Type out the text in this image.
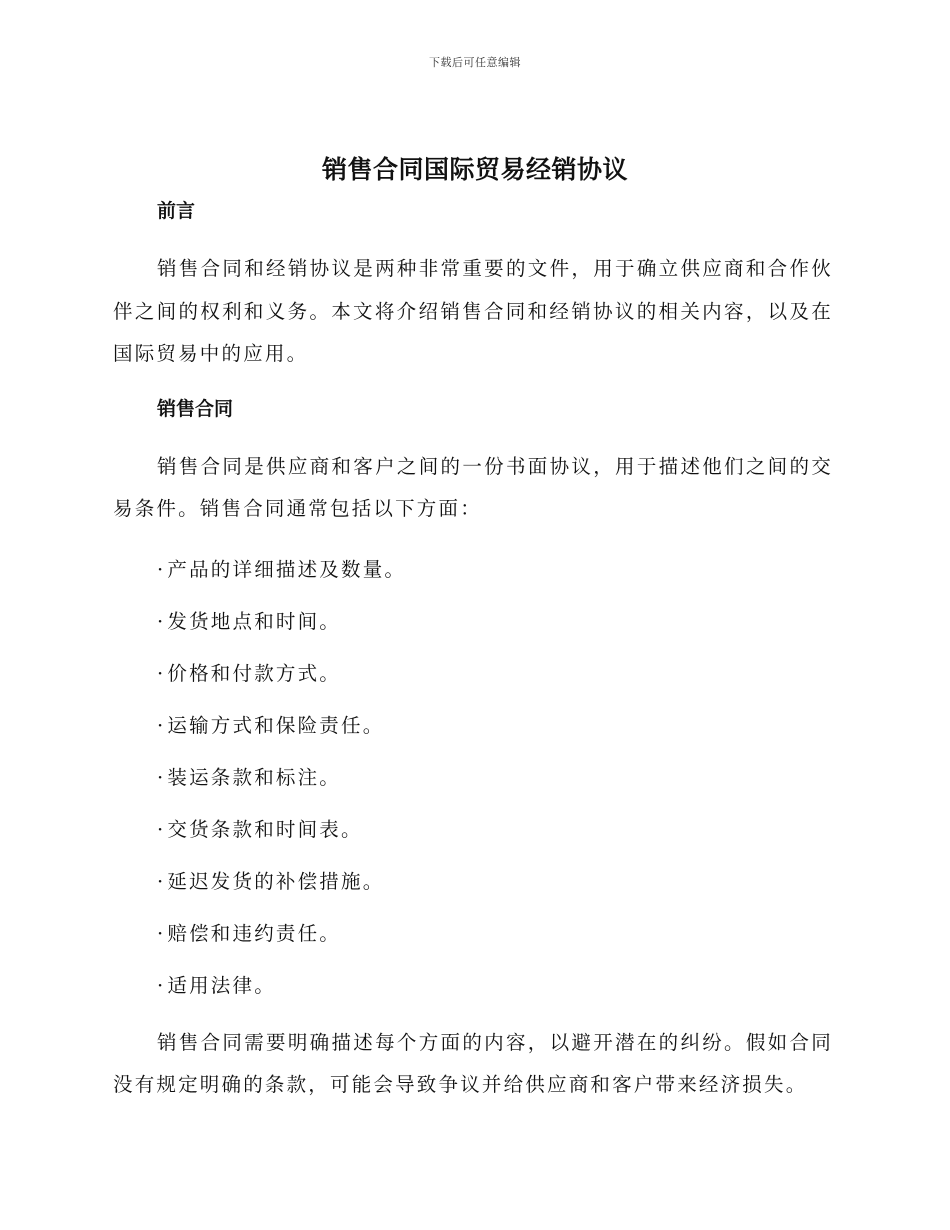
下载后可任意编辑
销售合同国际贸易经销协议

前言

销售合同和经销协议是两种非常重要的文件，用于确立供应商和合作伙伴之间的权利和义务。本文将介绍销售合同和经销协议的相关内容，以及在国际贸易中的应用。

销售合同

销售合同是供应商和客户之间的一份书面协议，用于描述他们之间的交易条件。销售合同通常包括以下方面：

· 产品的详细描述及数量。
· 发货地点和时间。
· 价格和付款方式。
· 运输方式和保险责任。
· 装运条款和标注。
· 交货条款和时间表。
· 延迟发货的补偿措施。
· 赔偿和违约责任。
· 适用法律。

销售合同需要明确描述每个方面的内容，以避开潜在的纠纷。假如合同没有规定明确的条款，可能会导致争议并给供应商和客户带来经济损失。
